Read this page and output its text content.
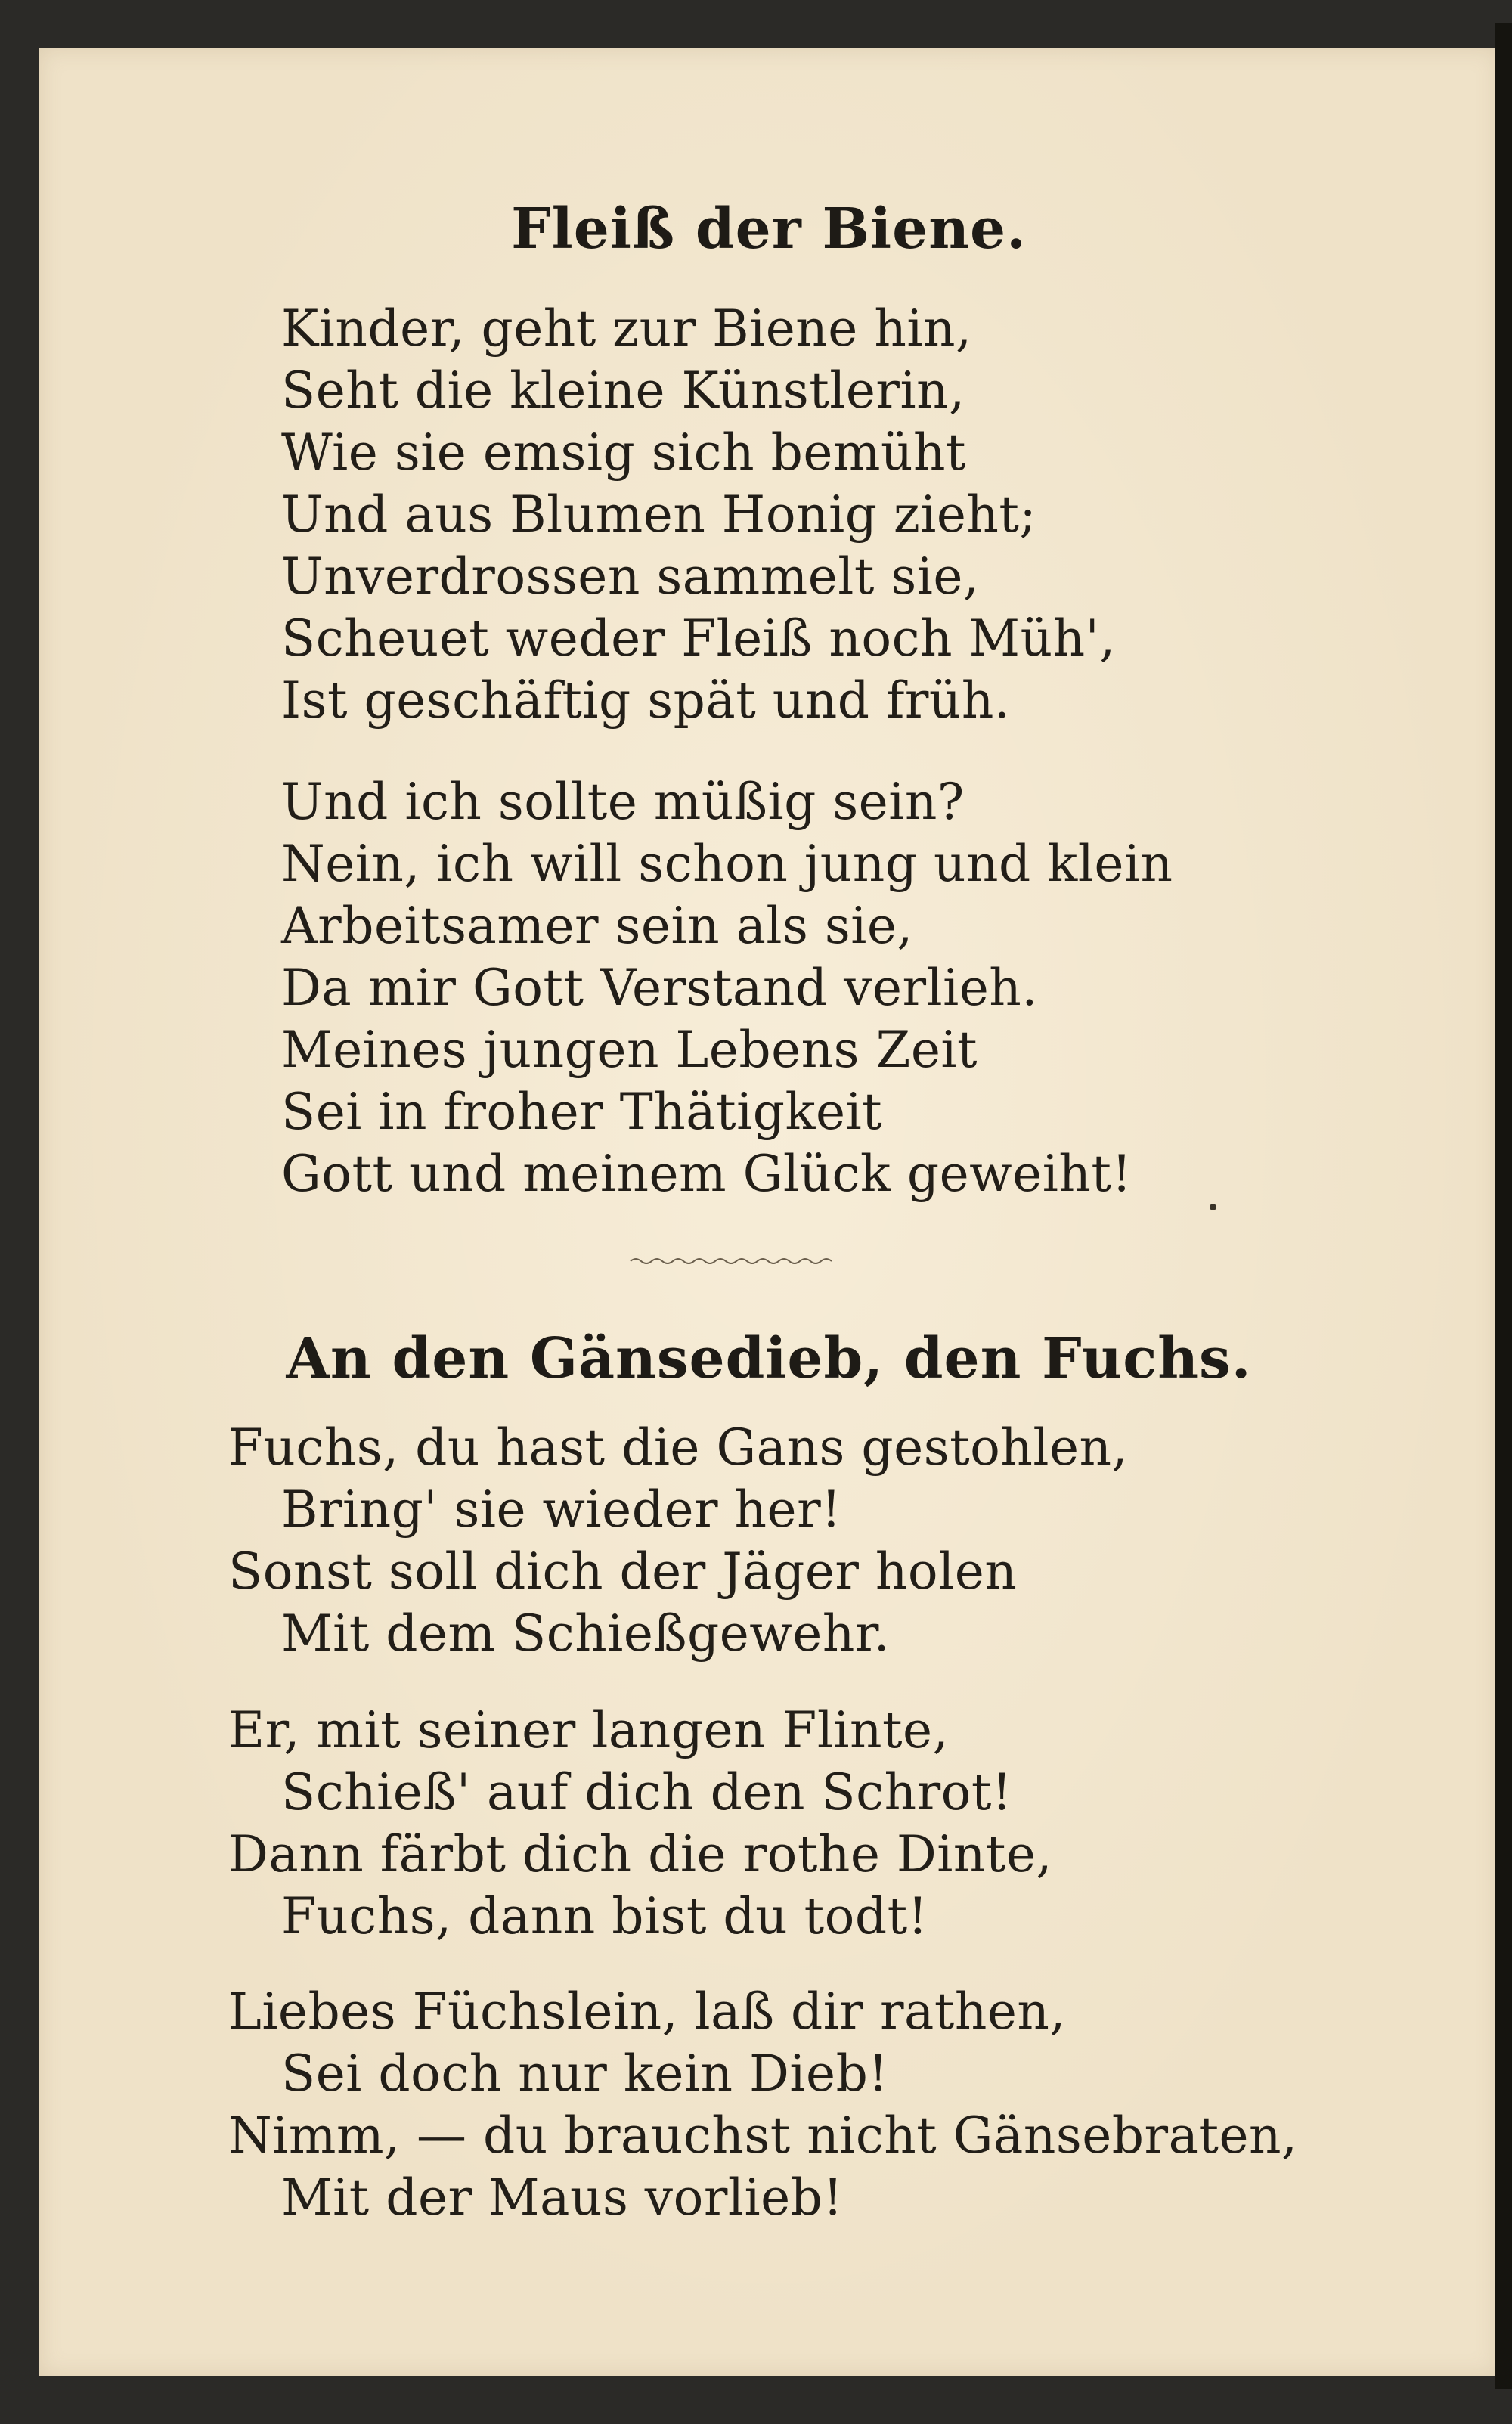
Fleiß der Biene.
Kinder, geht zur Biene hin,
Seht die kleine Künstlerin,
Wie sie emsig sich bemüht
Und aus Blumen Honig zieht;
Unverdrossen sammelt sie,
Scheuet weder Fleiß noch Müh',
Ist geschäftig spät und früh.
Und ich sollte müßig sein?
Nein, ich will schon jung und klein
Arbeitsamer sein als sie,
Da mir Gott Verstand verlieh.
Meines jungen Lebens Zeit
Sei in froher Thätigkeit
Gott und meinem Glück geweiht!
An den Gänsedieb, den Fuchs.
Fuchs, du hast die Gans gestohlen,
Bring' sie wieder her!
Sonst soll dich der Jäger holen
Mit dem Schießgewehr.
Er, mit seiner langen Flinte,
Schieß' auf dich den Schrot!
Dann färbt dich die rothe Dinte,
Fuchs, dann bist du todt!
Liebes Füchslein, laß dir rathen,
Sei doch nur kein Dieb!
Nimm, — du brauchst nicht Gänsebraten,
Mit der Maus vorlieb!
